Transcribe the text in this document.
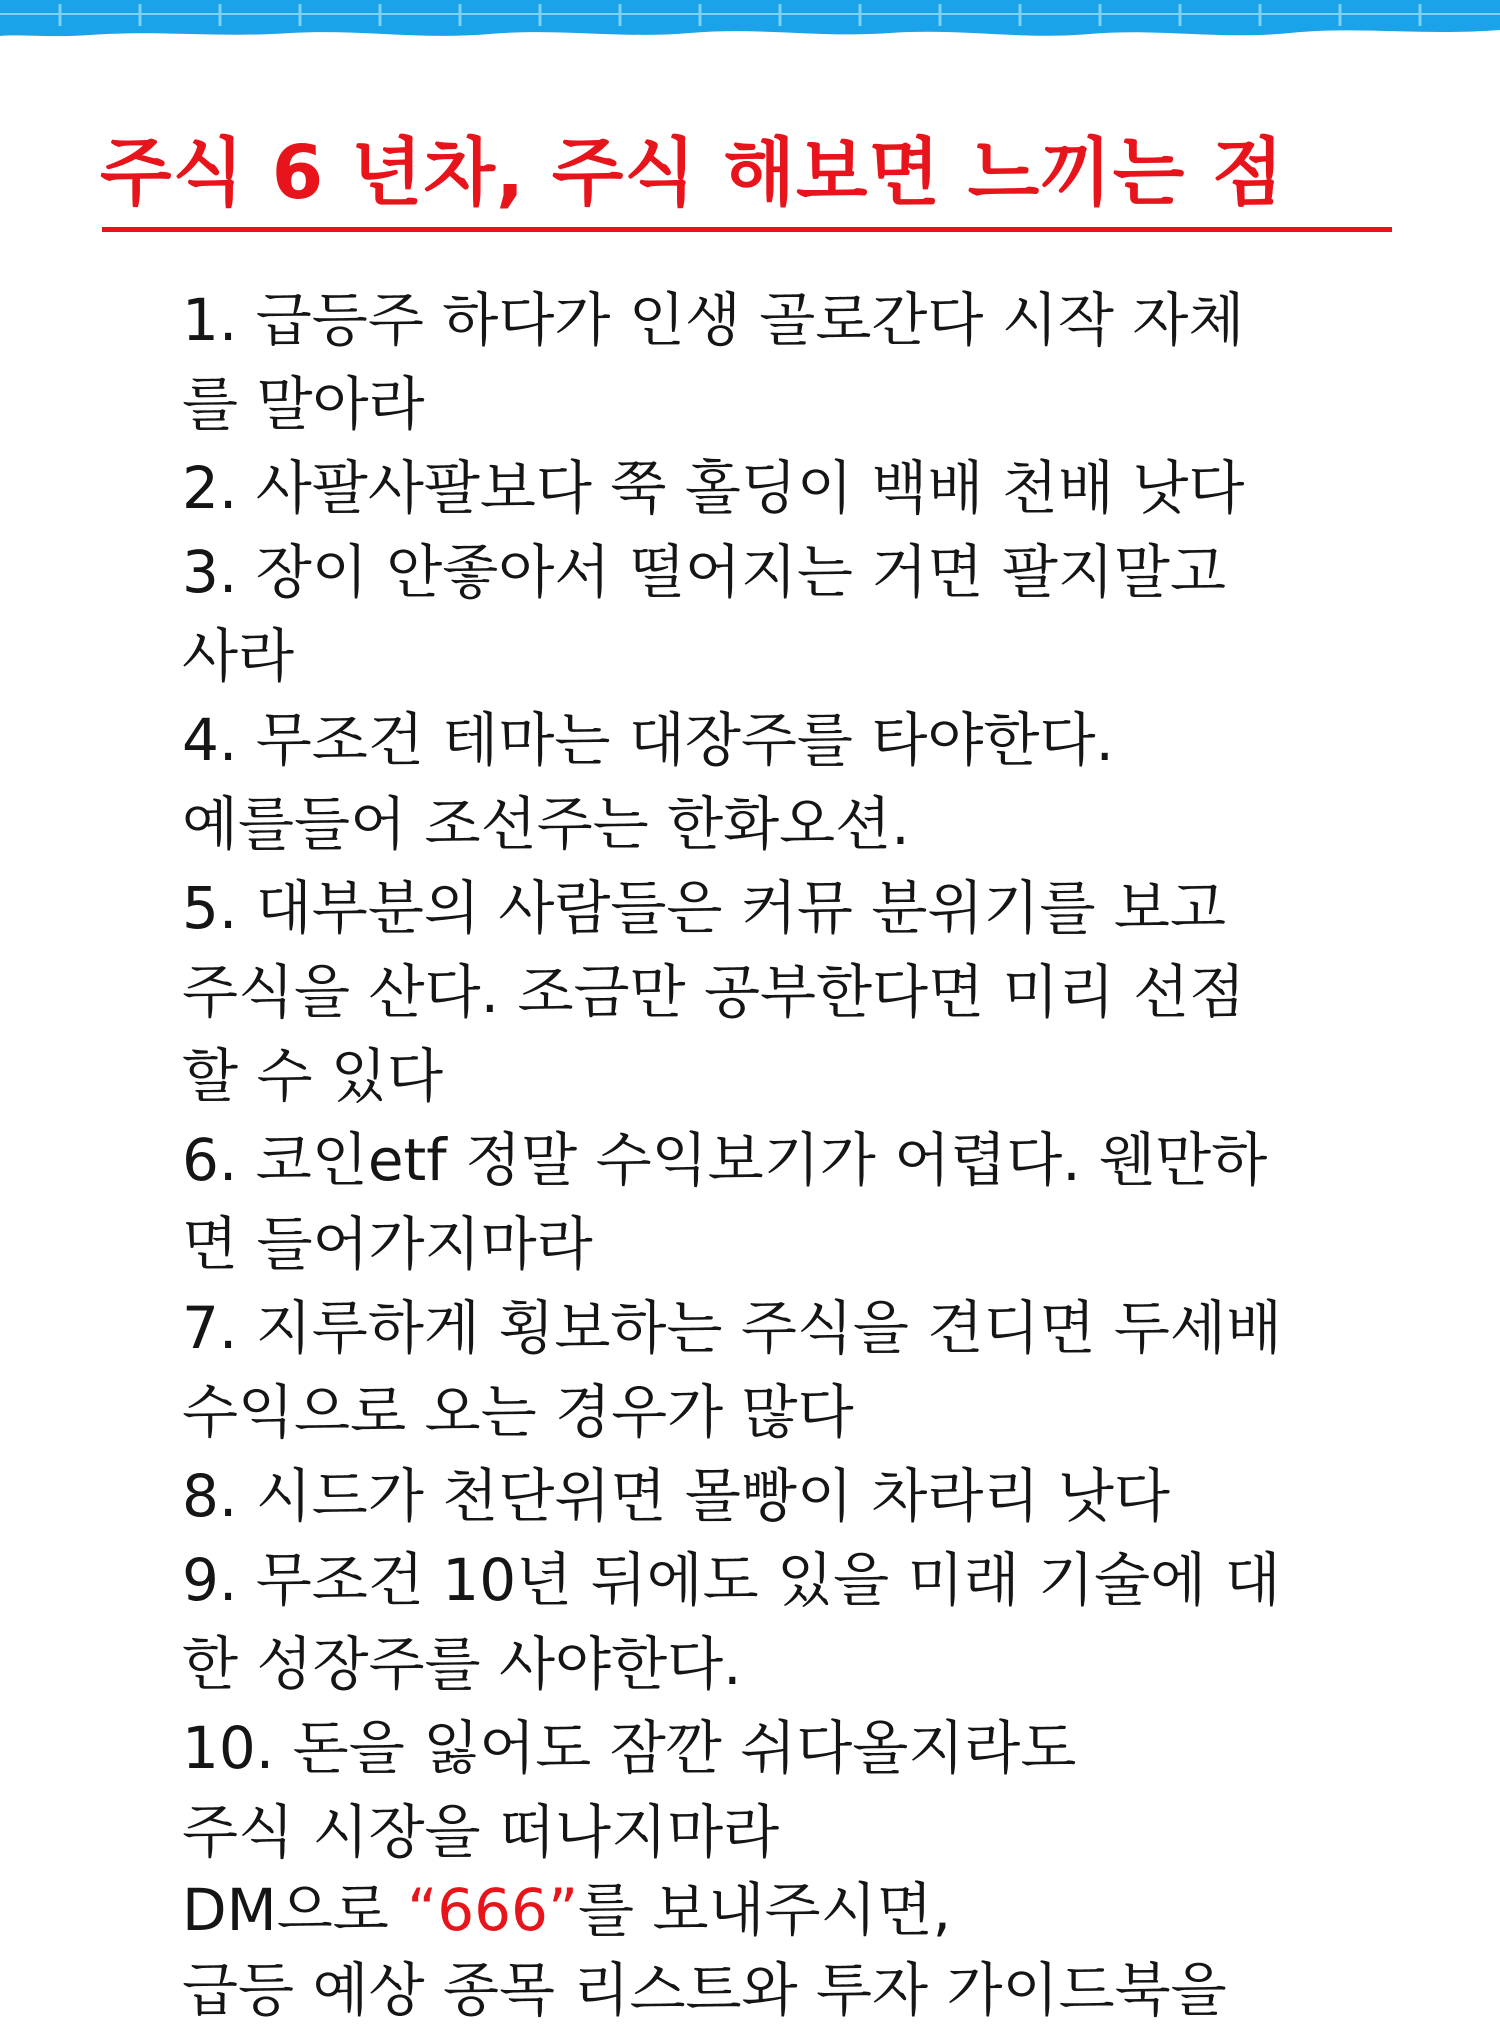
주식 6 년차, 주식 해보면 느끼는 점
1. 급등주 하다가 인생 골로간다 시작 자체
를 말아라
2. 사팔사팔보다 쭉 홀딩이 백배 천배 낫다
3. 장이 안좋아서 떨어지는 거면 팔지말고
사라
4. 무조건 테마는 대장주를 타야한다.
예를들어 조선주는 한화오션.
5. 대부분의 사람들은 커뮤 분위기를 보고
주식을 산다. 조금만 공부한다면 미리 선점
할 수 있다
6. 코인etf 정말 수익보기가 어렵다. 웬만하
면 들어가지마라
7. 지루하게 횡보하는 주식을 견디면 두세배
수익으로 오는 경우가 많다
8. 시드가 천단위면 몰빵이 차라리 낫다
9. 무조건 10년 뒤에도 있을 미래 기술에 대
한 성장주를 사야한다.
10. 돈을 잃어도 잠깐 쉬다올지라도
주식 시장을 떠나지마라

DM으로 “666”를 보내주시면,

급등 예상 종목 리스트와 투자 가이드북을
